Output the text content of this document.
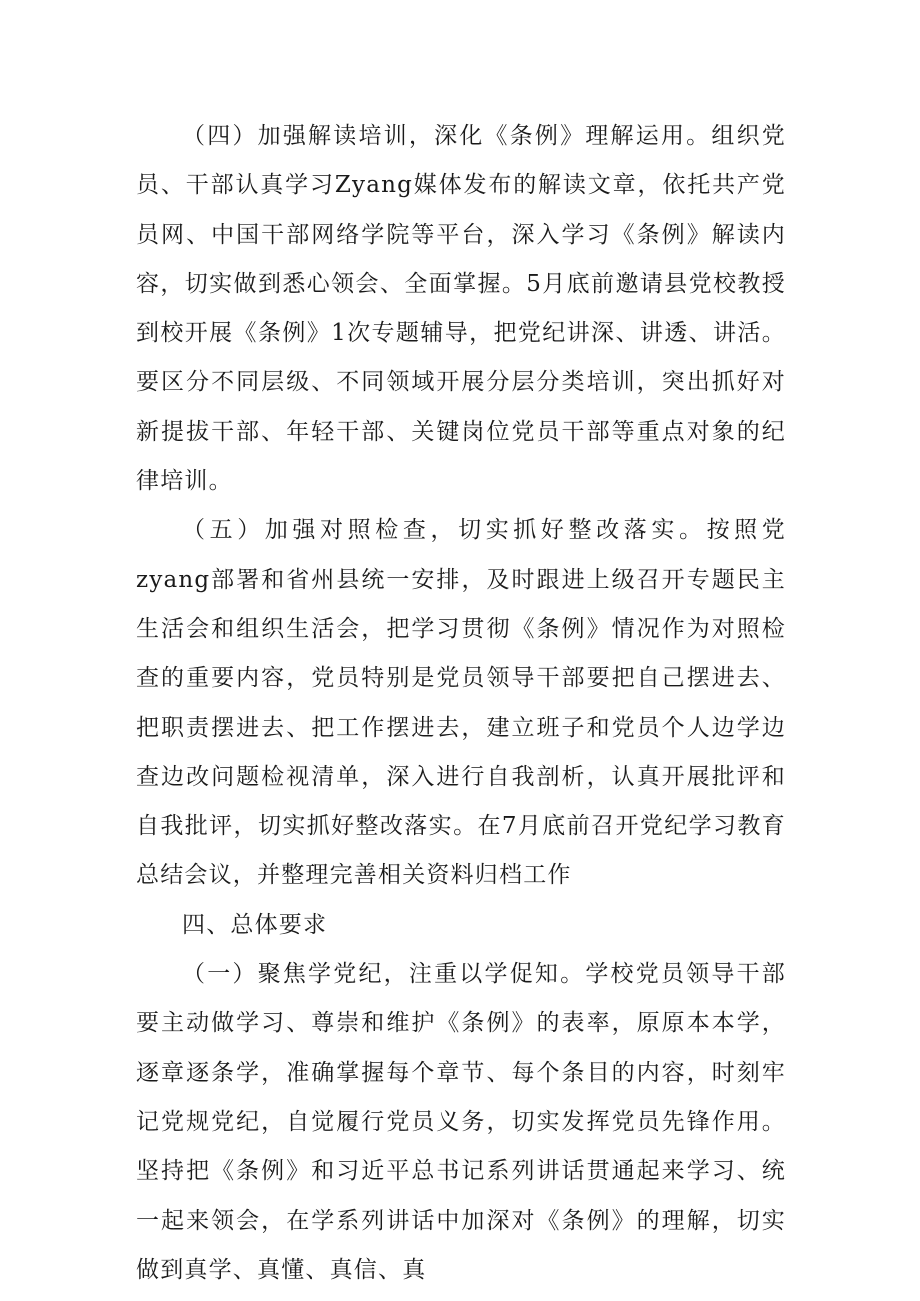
（四）加强解读培训，深化《条例》理解运用。组织党员、干部认真学习Zyang媒体发布的解读文章，依托共产党员网、中国干部网络学院等平台，深入学习《条例》解读内容，切实做到悉心领会、全面掌握。5月底前邀请县党校教授到校开展《条例》1次专题辅导，把党纪讲深、讲透、讲活。要区分不同层级、不同领域开展分层分类培训，突出抓好对新提拔干部、年轻干部、关键岗位党员干部等重点对象的纪律培训。

（五）加强对照检查，切实抓好整改落实。按照党zyang部署和省州县统一安排，及时跟进上级召开专题民主生活会和组织生活会，把学习贯彻《条例》情况作为对照检查的重要内容，党员特别是党员领导干部要把自己摆进去、把职责摆进去、把工作摆进去，建立班子和党员个人边学边查边改问题检视清单，深入进行自我剖析，认真开展批评和自我批评，切实抓好整改落实。在7月底前召开党纪学习教育总结会议，并整理完善相关资料归档工作

四、总体要求

（一）聚焦学党纪，注重以学促知。学校党员领导干部要主动做学习、尊崇和维护《条例》的表率，原原本本学，逐章逐条学，准确掌握每个章节、每个条目的内容，时刻牢记党规党纪，自觉履行党员义务，切实发挥党员先锋作用。坚持把《条例》和习近平总书记系列讲话贯通起来学习、统一起来领会，在学系列讲话中加深对《条例》的理解，切实做到真学、真懂、真信、真
